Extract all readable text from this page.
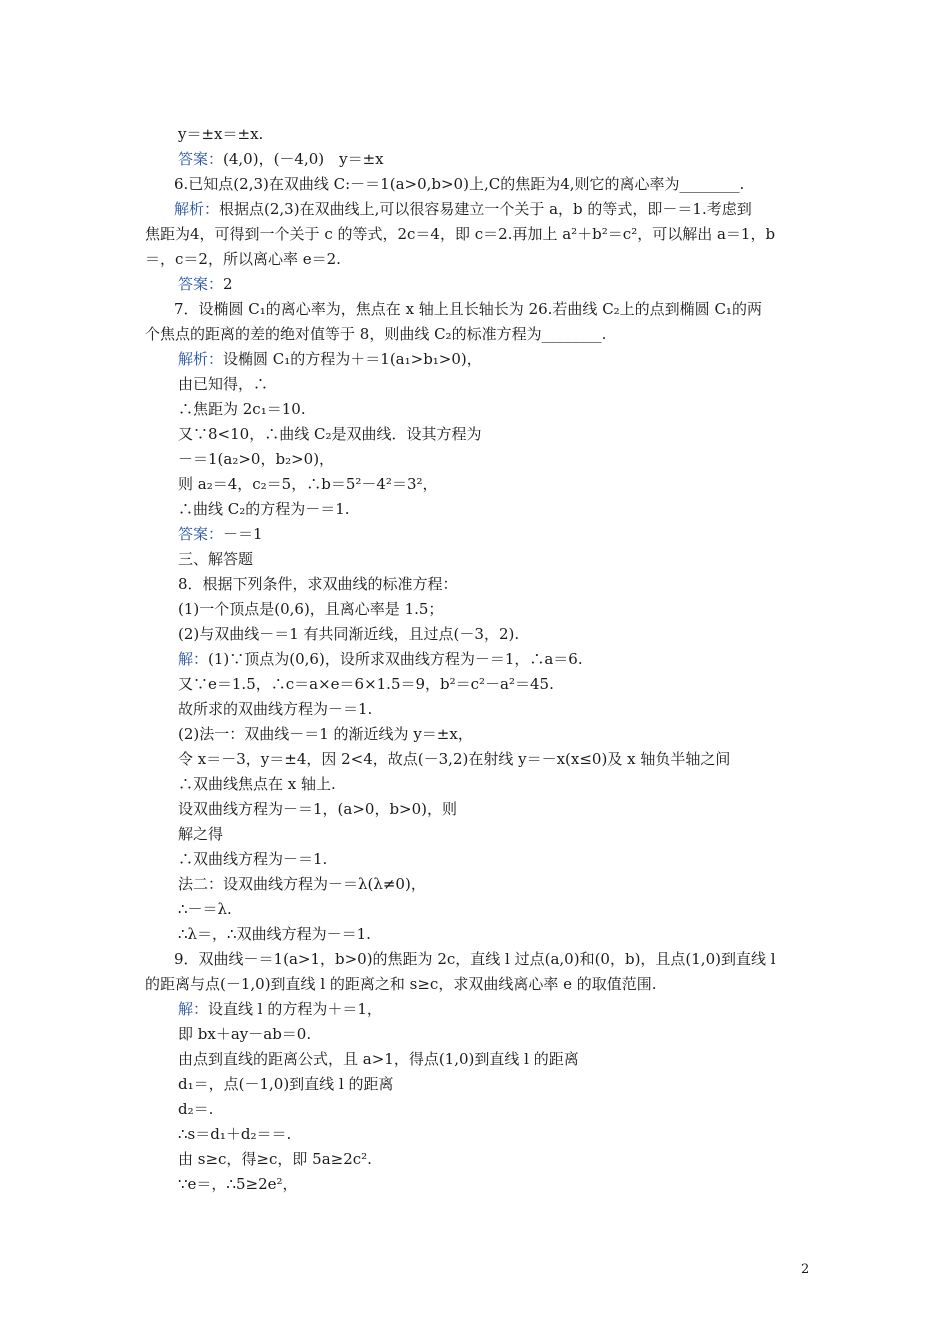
y＝±x＝±x.
答案：(4,0)，(－4,0)　y＝±x
6.已知点(2,3)在双曲线 C:－＝1(a>0,b>0)上,C的焦距为4,则它的离心率为________.
解析：根据点(2,3)在双曲线上,可以很容易建立一个关于 a，b 的等式，即－＝1.考虑到
焦距为4，可得到一个关于 c 的等式，2c＝4，即 c＝2.再加上 a²＋b²＝c²，可以解出 a＝1，b
＝，c＝2，所以离心率 e＝2.
答案：2
7．设椭圆 C₁的离心率为，焦点在 x 轴上且长轴长为 26.若曲线 C₂上的点到椭圆 C₁的两
个焦点的距离的差的绝对值等于 8，则曲线 C₂的标准方程为________.
解析：设椭圆 C₁的方程为＋＝1(a₁>b₁>0)，
由已知得，∴
∴焦距为 2c₁＝10.
又∵8<10，∴曲线 C₂是双曲线．设其方程为
－＝1(a₂>0，b₂>0)，
则 a₂＝4，c₂＝5，∴b＝5²－4²＝3²，
∴曲线 C₂的方程为－＝1.
答案：－＝1
三、解答题
8．根据下列条件，求双曲线的标准方程：
(1)一个顶点是(0,6)，且离心率是 1.5；
(2)与双曲线－＝1 有共同渐近线，且过点(－3，2).
解：(1)∵顶点为(0,6)，设所求双曲线方程为－＝1，∴a＝6.
又∵e＝1.5，∴c＝a×e＝6×1.5＝9，b²＝c²－a²＝45.
故所求的双曲线方程为－＝1.
(2)法一：双曲线－＝1 的渐近线为 y＝±x，
令 x＝－3，y＝±4，因 2<4，故点(－3,2)在射线 y＝－x(x≤0)及 x 轴负半轴之间
∴双曲线焦点在 x 轴上.
设双曲线方程为－＝1，(a>0，b>0)，则
解之得
∴双曲线方程为－＝1.
法二：设双曲线方程为－＝λ(λ≠0)，
∴－＝λ.
∴λ＝，∴双曲线方程为－＝1.
9．双曲线－＝1(a>1，b>0)的焦距为 2c，直线 l 过点(a,0)和(0，b)，且点(1,0)到直线 l
的距离与点(－1,0)到直线 l 的距离之和 s≥c，求双曲线离心率 e 的取值范围.
解：设直线 l 的方程为＋＝1，
即 bx＋ay－ab＝0.
由点到直线的距离公式，且 a>1，得点(1,0)到直线 l 的距离
d₁＝，点(－1,0)到直线 l 的距离
d₂＝.
∴s＝d₁＋d₂＝＝.
由 s≥c，得≥c，即 5a≥2c².
∵e＝，∴5≥2e²，
2
